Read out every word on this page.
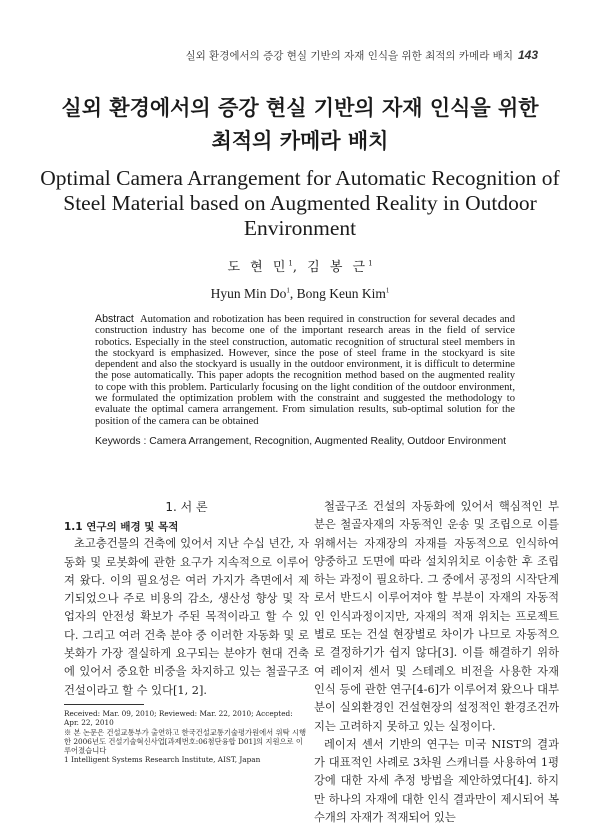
실외 환경에서의 증강 현실 기반의 자재 인식을 위한 최적의 카메라 배치 143
실외 환경에서의 증강 현실 기반의 자재 인식을 위한
최적의 카메라 배치
Optimal Camera Arrangement for Automatic Recognition of Steel Material based on Augmented Reality in Outdoor Environment
도 현 민$^1$, 김 봉 근$^1$
Hyun Min Do$^1$, Bong Keun Kim$^1$
Abstract Automation and robotization has been required in construction for several decades and construction industry has become one of the important research areas in the field of service robotics. Especially in the steel construction, automatic recognition of structural steel members in the stockyard is emphasized. However, since the pose of steel frame in the stockyard is site dependent and also the stockyard is usually in the outdoor environment, it is difficult to determine the pose automatically. This paper adopts the recognition method based on the augmented reality to cope with this problem. Particularly focusing on the light condition of the outdoor environment, we formulated the optimization problem with the constraint and suggested the methodology to evaluate the optimal camera arrangement. From simulation results, sub-optimal solution for the position of the camera can be obtained
Keywords : Camera Arrangement, Recognition, Augmented Reality, Outdoor Environment
1. 서 론
1.1 연구의 배경 및 목적

초고층건물의 건축에 있어서 지난 수십 년간, 자동화 및 로봇화에 관한 요구가 지속적으로 이루어져 왔다. 이의 필요성은 여러 가지가 측면에서 제기되었으나 주로 비용의 감소, 생산성 향상 및 작업자의 안전성 확보가 주된 목적이라고 할 수 있다. 그리고 여러 건축 분야 중 이러한 자동화 및 로봇화가 가장 절실하게 요구되는 분야가 현대 건축에 있어서 중요한 비중을 차지하고 있는 철골구조 건설이라고 할 수 있다[1, 2].

철골구조 건설의 자동화에 있어서 핵심적인 부분은 철골자재의 자동적인 운송 및 조립으로 이를 위해서는 자재장의 자재를 자동적으로 인식하여 양중하고 도면에 따라 설치위치로 이송한 후 조립하는 과정이 필요하다. 그 중에서 공정의 시작단계로서 반드시 이루어져야 할 부분이 자재의 자동적인 인식과정이지만, 자재의 적재 위치는 프로젝트별로 또는 건설 현장별로 차이가 나므로 자동적으로 결정하기가 쉽지 않다[3]. 이를 해결하기 위하여 레이저 센서 및 스테레오 비전을 사용한 자재 인식 등에 관한 연구[4-6]가 이루어져 왔으나 대부분이 실외환경인 건설현장의 설정적인 환경조건까지는 고려하지 못하고 있는 실정이다.

레이저 센서 기반의 연구는 미국 NIST의 결과가 대표적인 사례로 3차원 스캐너를 사용하여 1평강에 대한 자세 추정 방법을 제안하였다[4]. 하지만 하나의 자재에 대한 인식 결과만이 제시되어 복수개의 자재가 적재되어 있는

Received: Mar. 09, 2010; Reviewed: Mar. 22, 2010; Accepted: Apr. 22, 2010
※ 본 논문은 건설교통부가 출연하고 한국건설교통기술평가원에서 위탁 시행한 2006년도 건설기술혁신사업[과제번호:06첨단융합 D01]의 지원으로 이루어졌습니다
1 Intelligent Systems Research Institute, AIST, Japan
